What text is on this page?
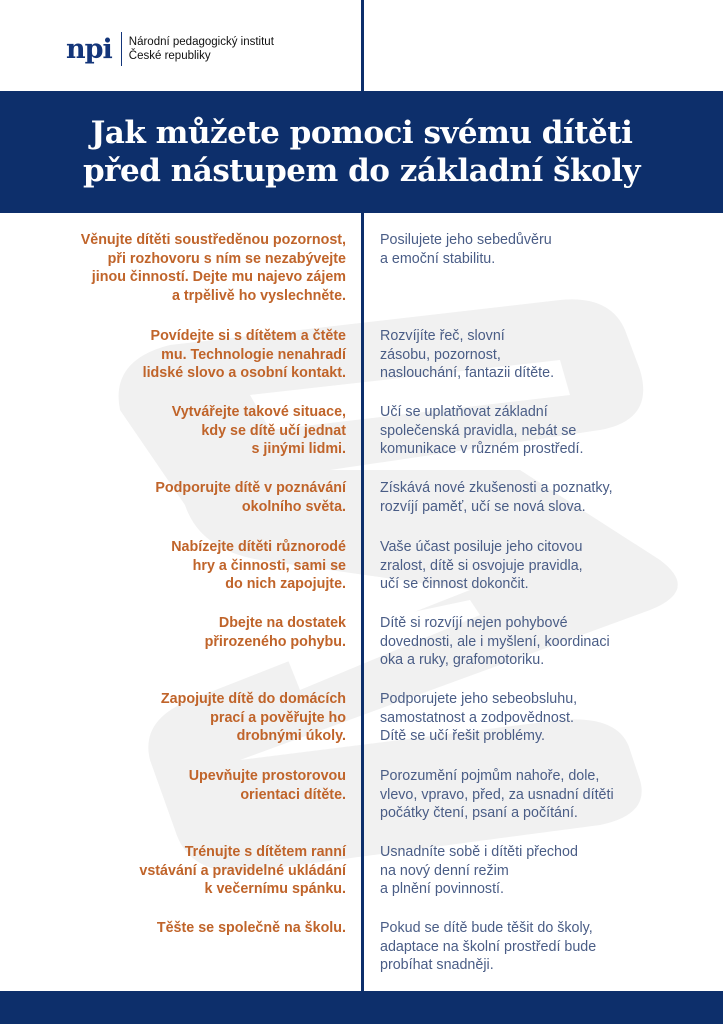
npi Národní pedagogický institut
České republiky
Jak můžete pomoci svému dítěti
před nástupem do základní školy
Věnujte dítěti soustředěnou pozornost,
při rozhovoru s ním se nezabývejte
jinou činností. Dejte mu najevo zájem
a trpělivě ho vyslechněte.
Posilujete jeho sebedůvěru
a emoční stabilitu.
Povídejte si s dítětem a čtěte
mu. Technologie nenahradí
lidské slovo a osobní kontakt.
Rozvíjíte řeč, slovní
zásobu, pozornost,
naslouchání, fantazii dítěte.
Vytvářejte takové situace,
kdy se dítě učí jednat
s jinými lidmi.
Učí se uplatňovat základní
společenská pravidla, nebát se
komunikace v různém prostředí.
Podporujte dítě v poznávání
okolního světa.
Získává nové zkušenosti a poznatky,
rozvíjí paměť, učí se nová slova.
Nabízejte dítěti různorodé
hry a činnosti, sami se
do nich zapojujte.
Vaše účast posiluje jeho citovou
zralost, dítě si osvojuje pravidla,
učí se činnost dokončit.
Dbejte na dostatek
přirozeného pohybu.
Dítě si rozvíjí nejen pohybové
dovednosti, ale i myšlení, koordinaci
oka a ruky, grafomotoriku.
Zapojujte dítě do domácích
prací a pověřujte ho
drobnými úkoly.
Podporujete jeho sebeobsluhu,
samostatnost a zodpovědnost.
Dítě se učí řešit problémy.
Upevňujte prostorovou
orientaci dítěte.
Porozumění pojmům nahoře, dole,
vlevo, vpravo, před, za usnadní dítěti
počátky čtení, psaní a počítání.
Trénujte s dítětem ranní
vstávání a pravidelné ukládání
k večernímu spánku.
Usnadníte sobě i dítěti přechod
na nový denní režim
a plnění povinností.
Těšte se společně na školu. Pokud se dítě bude těšit do školy,
adaptace na školní prostředí bude
probíhat snadněji.
